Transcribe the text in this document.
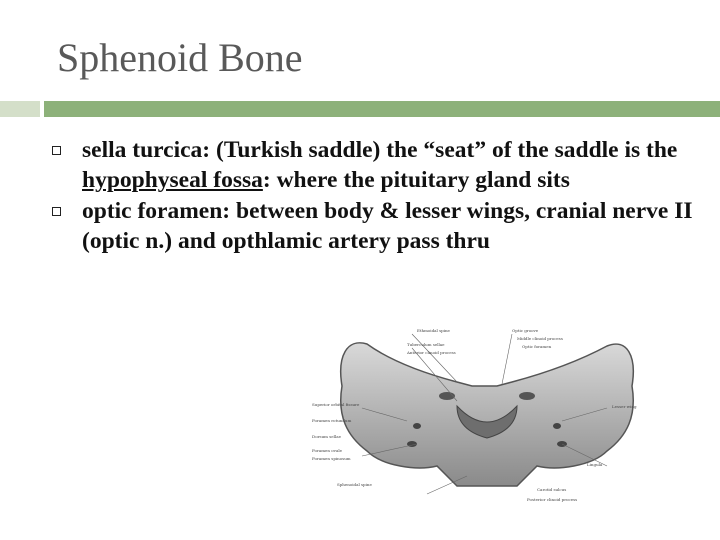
Sphenoid Bone
sella turcica: (Turkish saddle) the “seat” of the saddle is the hypophyseal fossa: where the pituitary gland sits
optic foramen: between body & lesser wings, cranial nerve II (optic n.) and opthlamic artery pass thru
Ethmoidal spine	Optic groove
Middle clinoid process
Tuberculum sellae	Optic foramen
Anterior clinoid process
Lesser wing
Superior orbital fissure
Foramen rotundum
Dorsum sellae
Foramen ovale
Foramen spinosum
Sphenoidal spine
Lingula
Carotid sulcus
Posterior clinoid process
